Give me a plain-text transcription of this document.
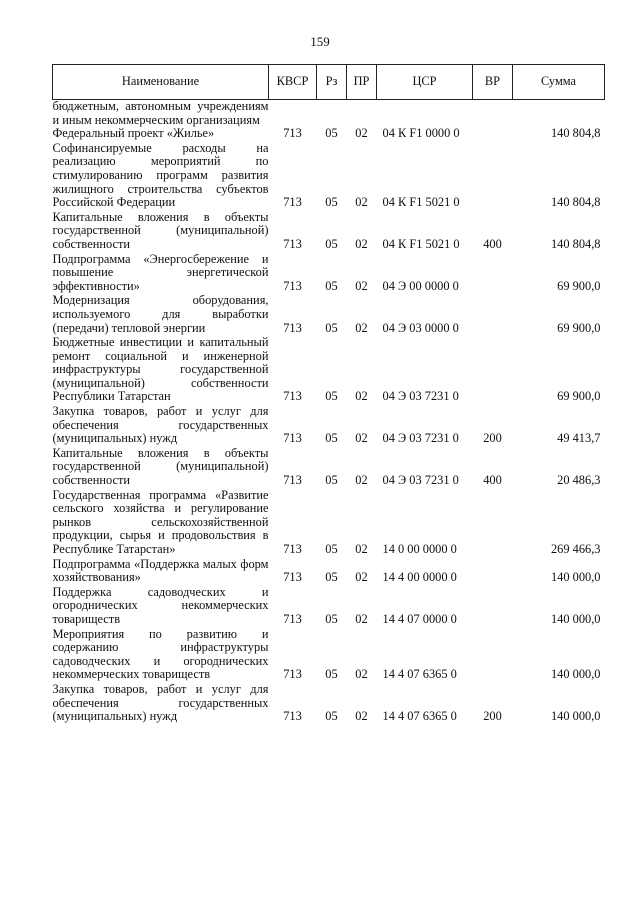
159
Наименование	КВСР	Рз	ПР	ЦСР	ВР	Сумма
бюджетным, автономным учреждениям и иным некоммерческим организациям						
Федеральный проект «Жилье»	713	05	02	04 К F1 0000 0		140 804,8
Софинансируемые расходы на реализацию мероприятий по стимулированию программ развития жилищного строительства субъектов Российской Федерации	713	05	02	04 К F1 5021 0		140 804,8
Капитальные вложения в объекты государственной (муниципальной) собственности	713	05	02	04 К F1 5021 0	400	140 804,8
Подпрограмма «Энергосбережение и повышение энергетической эффективности»	713	05	02	04 Э 00 0000 0		69 900,0
Модернизация оборудования, используемого для выработки (передачи) тепловой энергии	713	05	02	04 Э 03 0000 0		69 900,0
Бюджетные инвестиции и капитальный ремонт социальной и инженерной инфраструктуры государственной (муниципальной) собственности Республики Татарстан	713	05	02	04 Э 03 7231 0		69 900,0
Закупка товаров, работ и услуг для обеспечения государственных (муниципальных) нужд	713	05	02	04 Э 03 7231 0	200	49 413,7
Капитальные вложения в объекты государственной (муниципальной) собственности	713	05	02	04 Э 03 7231 0	400	20 486,3
Государственная программа «Развитие сельского хозяйства и регулирование рынков сельскохозяйственной продукции, сырья и продовольствия в Республике Татарстан»	713	05	02	14 0 00 0000 0		269 466,3
Подпрограмма «Поддержка малых форм хозяйствования»	713	05	02	14 4 00 0000 0		140 000,0
Поддержка садоводческих и огороднических некоммерческих товариществ	713	05	02	14 4 07 0000 0		140 000,0
Мероприятия по развитию и содержанию инфраструктуры садоводческих и огороднических некоммерческих товариществ	713	05	02	14 4 07 6365 0		140 000,0
Закупка товаров, работ и услуг для обеспечения государственных (муниципальных) нужд	713	05	02	14 4 07 6365 0	200	140 000,0
